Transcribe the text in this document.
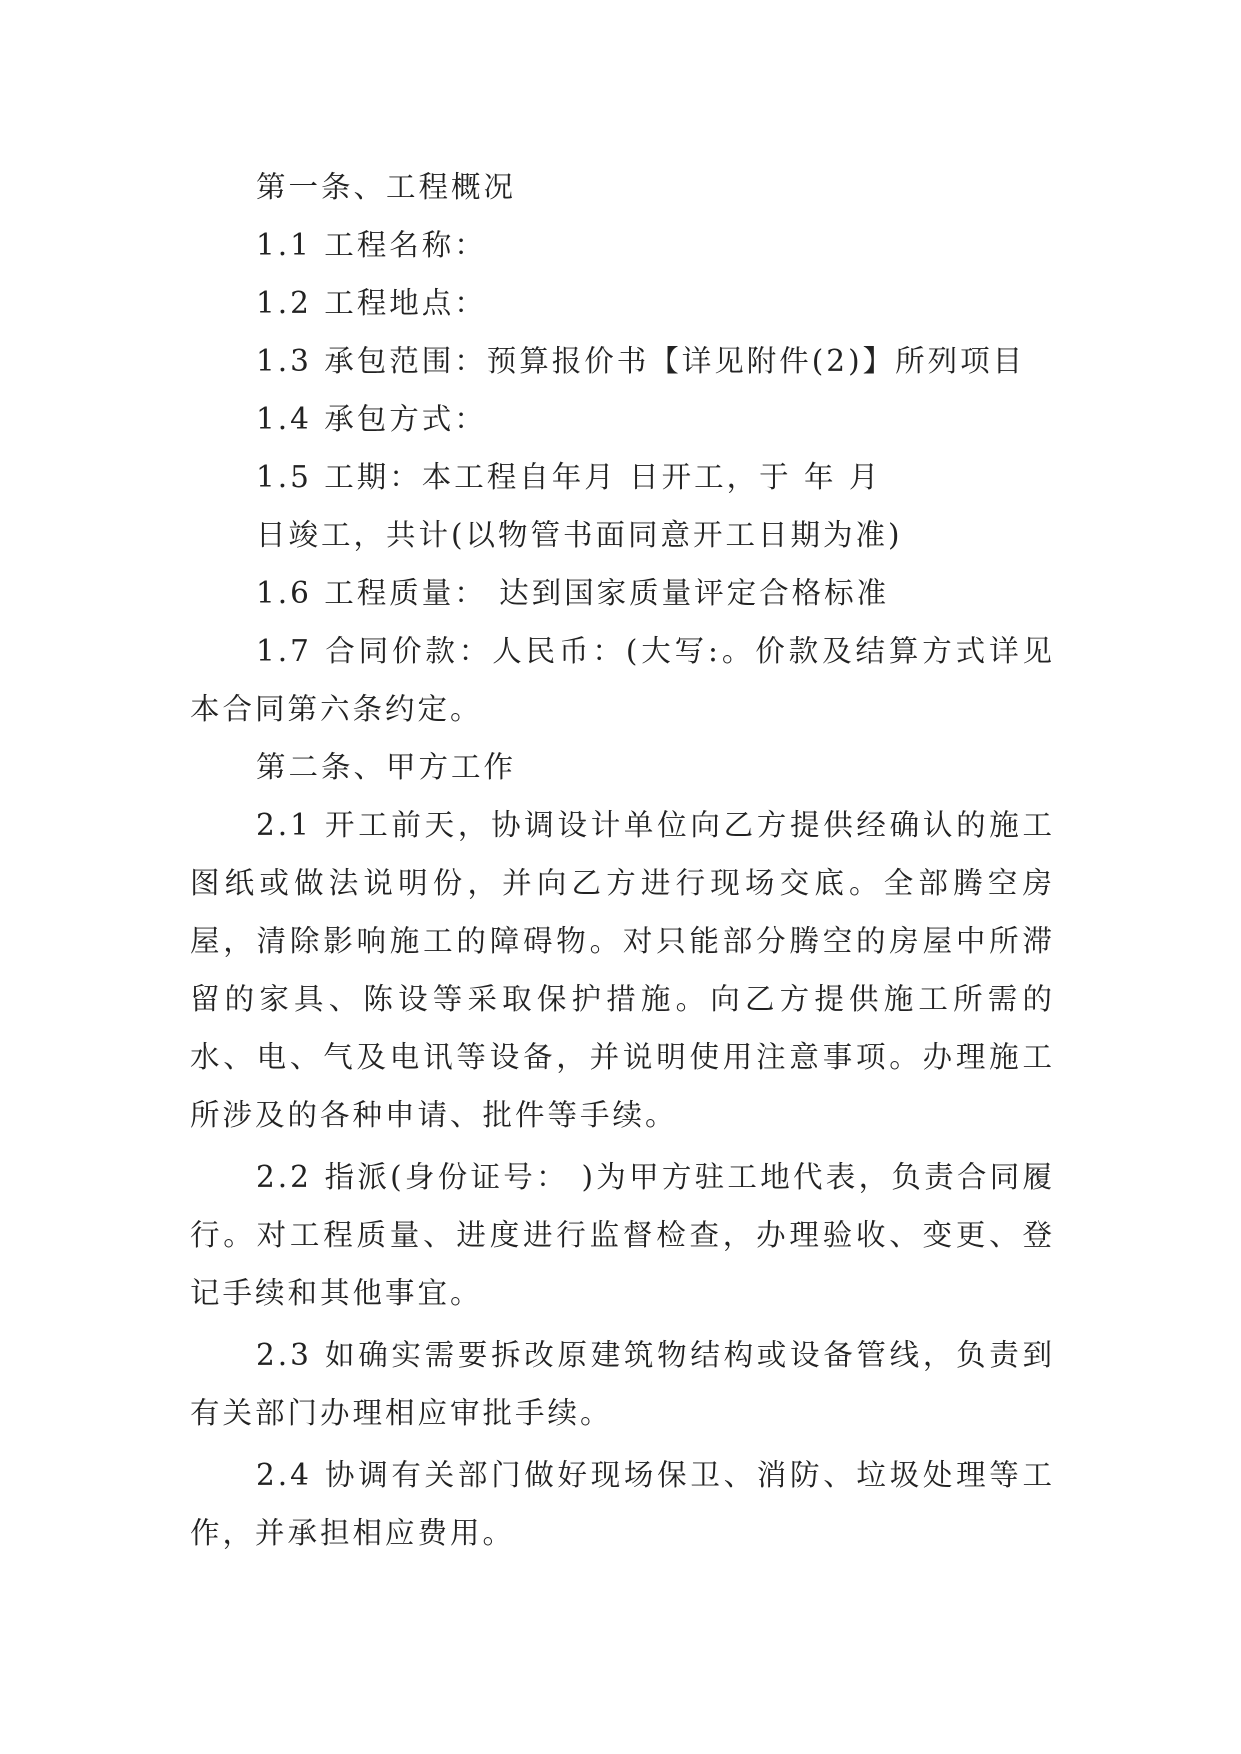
第一条、工程概况
1.1 工程名称：
1.2 工程地点：
1.3 承包范围：预算报价书【详见附件(2)】所列项目
1.4 承包方式：
1.5 工期：本工程自年月 日开工，于 年 月
日竣工，共计(以物管书面同意开工日期为准)
1.6 工程质量： 达到国家质量评定合格标准

1.7 合同价款：人民币：(大写:。价款及结算方式详见本合同第六条约定。

第二条、甲方工作

2.1 开工前天，协调设计单位向乙方提供经确认的施工图纸或做法说明份，并向乙方进行现场交底。全部腾空房屋，清除影响施工的障碍物。对只能部分腾空的房屋中所滞留的家具、陈设等采取保护措施。向乙方提供施工所需的水、电、气及电讯等设备，并说明使用注意事项。办理施工所涉及的各种申请、批件等手续。

2.2 指派(身份证号： )为甲方驻工地代表，负责合同履行。对工程质量、进度进行监督检查，办理验收、变更、登记手续和其他事宜。

2.3 如确实需要拆改原建筑物结构或设备管线，负责到有关部门办理相应审批手续。

2.4 协调有关部门做好现场保卫、消防、垃圾处理等工作，并承担相应费用。
